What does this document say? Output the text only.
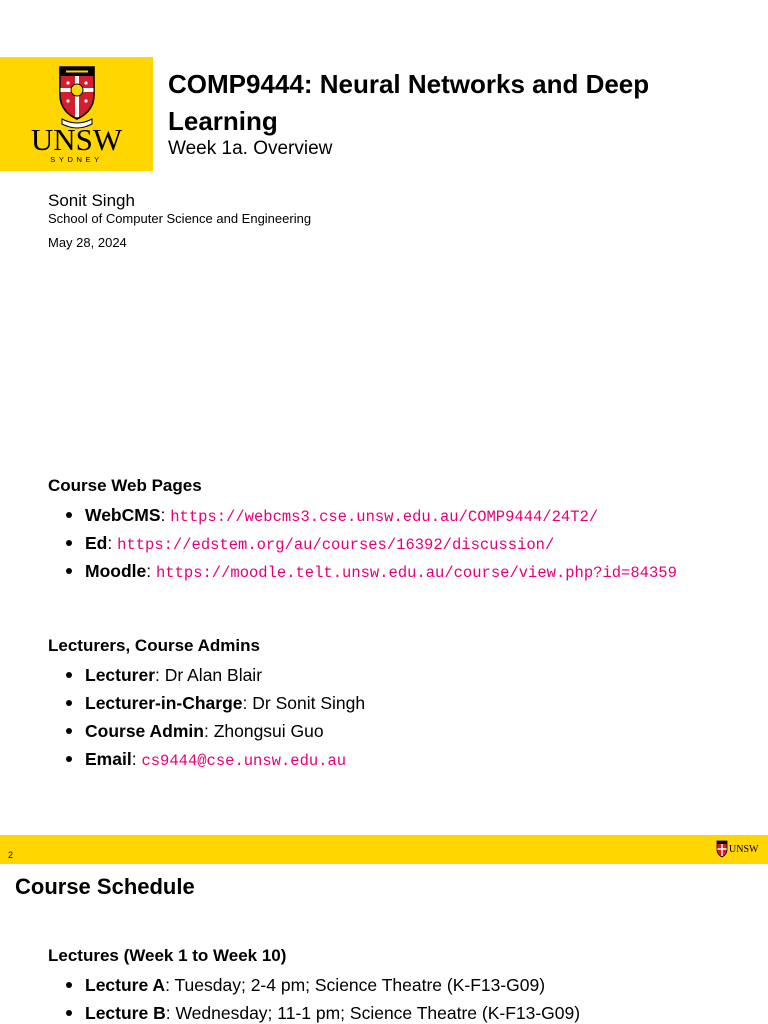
UNSW
SYDNEY
COMP9444: Neural Networks and Deep Learning
Week 1a. Overview
Sonit Singh
School of Computer Science and Engineering
May 28, 2024
Course Web Pages
WebCMS: https://webcms3.cse.unsw.edu.au/COMP9444/24T2/
Ed: https://edstem.org/au/courses/16392/discussion/
Moodle: https://moodle.telt.unsw.edu.au/course/view.php?id=84359
Lecturers, Course Admins
Lecturer: Dr Alan Blair
Lecturer-in-Charge: Dr Sonit Singh
Course Admin: Zhongsui Guo
Email: cs9444@cse.unsw.edu.au
2	UNSW
Course Schedule
Lectures (Week 1 to Week 10)
Lecture A: Tuesday; 2-4 pm; Science Theatre (K-F13-G09)
Lecture B: Wednesday; 11-1 pm; Science Theatre (K-F13-G09)
